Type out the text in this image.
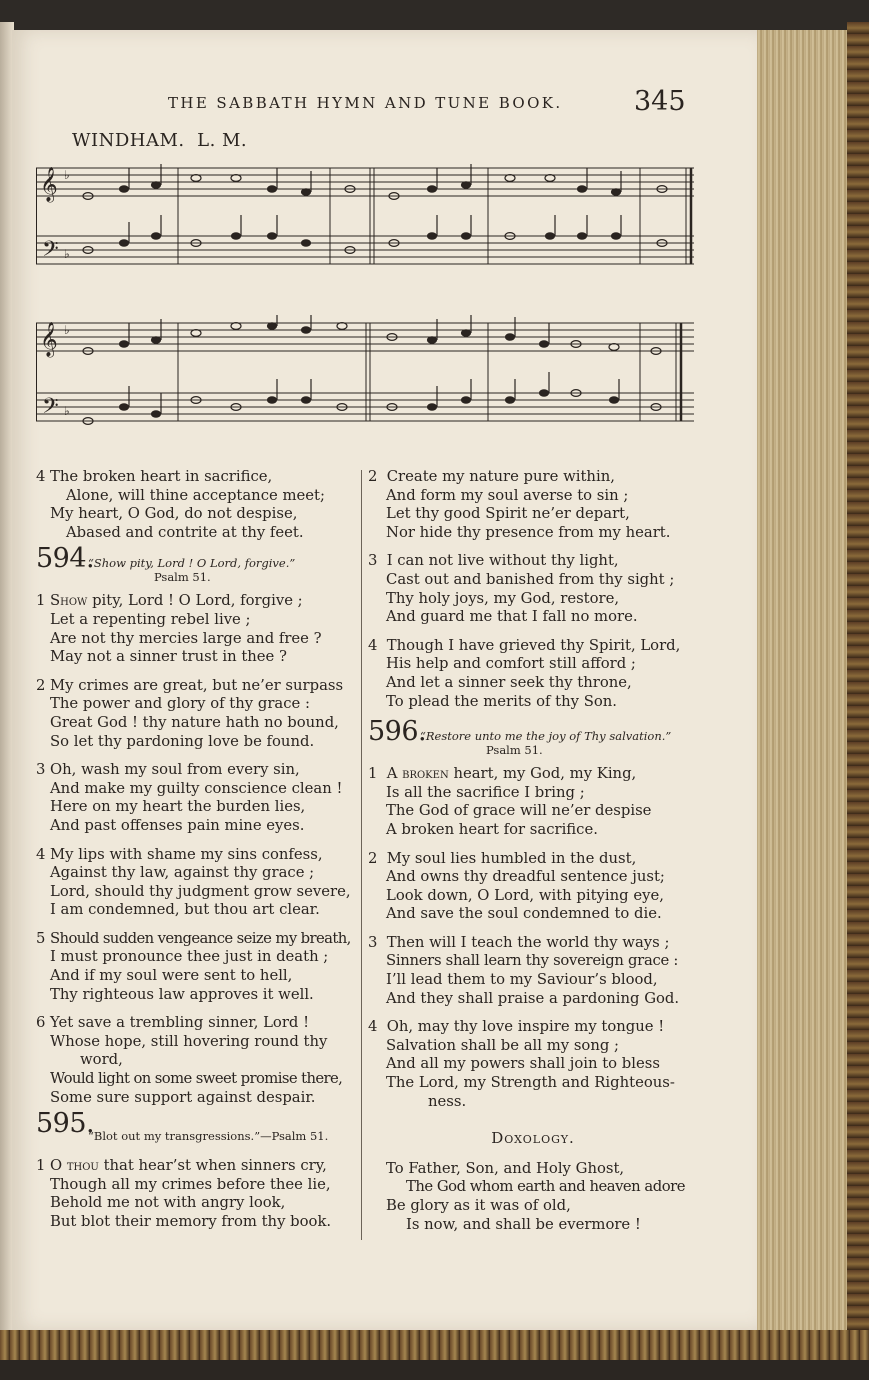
THE SABBATH HYMN AND TUNE BOOK.	345
WINDHAM. L. M.
𝄞
𝄢
♭
♭
𝄞
𝄢
♭
♭
4 The broken heart in sacrifice,
Alone, will thine acceptance meet;
My heart, O God, do not despise,
Abased and contrite at thy feet.
594.
“Show pity, Lord ! O Lord, forgive.”
Psalm 51.
1 Show pity, Lord ! O Lord, forgive ;
Let a repenting rebel live ;
Are not thy mercies large and free ?
May not a sinner trust in thee ?
2 My crimes are great, but ne’er surpass
The power and glory of thy grace :
Great God ! thy nature hath no bound,
So let thy pardoning love be found.
3 Oh, wash my soul from every sin,
And make my guilty conscience clean !
Here on my heart the burden lies,
And past offenses pain mine eyes.
4 My lips with shame my sins confess,
Against thy law, against thy grace ;
Lord, should thy judgment grow severe,
I am condemned, but thou art clear.
5 Should sudden vengeance seize my breath,
I must pronounce thee just in death ;
And if my soul were sent to hell,
Thy righteous law approves it well.
6 Yet save a trembling sinner, Lord !
Whose hope, still hovering round thy
word,
Would light on some sweet promise there,
Some sure support against despair.
595.
“Blot out my transgressions.”—Psalm 51.
1 O thou that hear’st when sinners cry,
Though all my crimes before thee lie,
Behold me not with angry look,
But blot their memory from thy book.
2 Create my nature pure within,
And form my soul averse to sin ;
Let thy good Spirit ne’er depart,
Nor hide thy presence from my heart.
3 I can not live without thy light,
Cast out and banished from thy sight ;
Thy holy joys, my God, restore,
And guard me that I fall no more.
4 Though I have grieved thy Spirit, Lord,
His help and comfort still afford ;
And let a sinner seek thy throne,
To plead the merits of thy Son.
596.
“Restore unto me the joy of Thy salvation.”
Psalm 51.
1 A broken heart, my God, my King,
Is all the sacrifice I bring ;
The God of grace will ne’er despise
A broken heart for sacrifice.
2 My soul lies humbled in the dust,
And owns thy dreadful sentence just;
Look down, O Lord, with pitying eye,
And save the soul condemned to die.
3 Then will I teach the world thy ways ;
Sinners shall learn thy sovereign grace :
I’ll lead them to my Saviour’s blood,
And they shall praise a pardoning God.
4 Oh, may thy love inspire my tongue !
Salvation shall be all my song ;
And all my powers shall join to bless
The Lord, my Strength and Righteous-
ness.
Doxology.
To Father, Son, and Holy Ghost,
The God whom earth and heaven adore
Be glory as it was of old,
Is now, and shall be evermore !
